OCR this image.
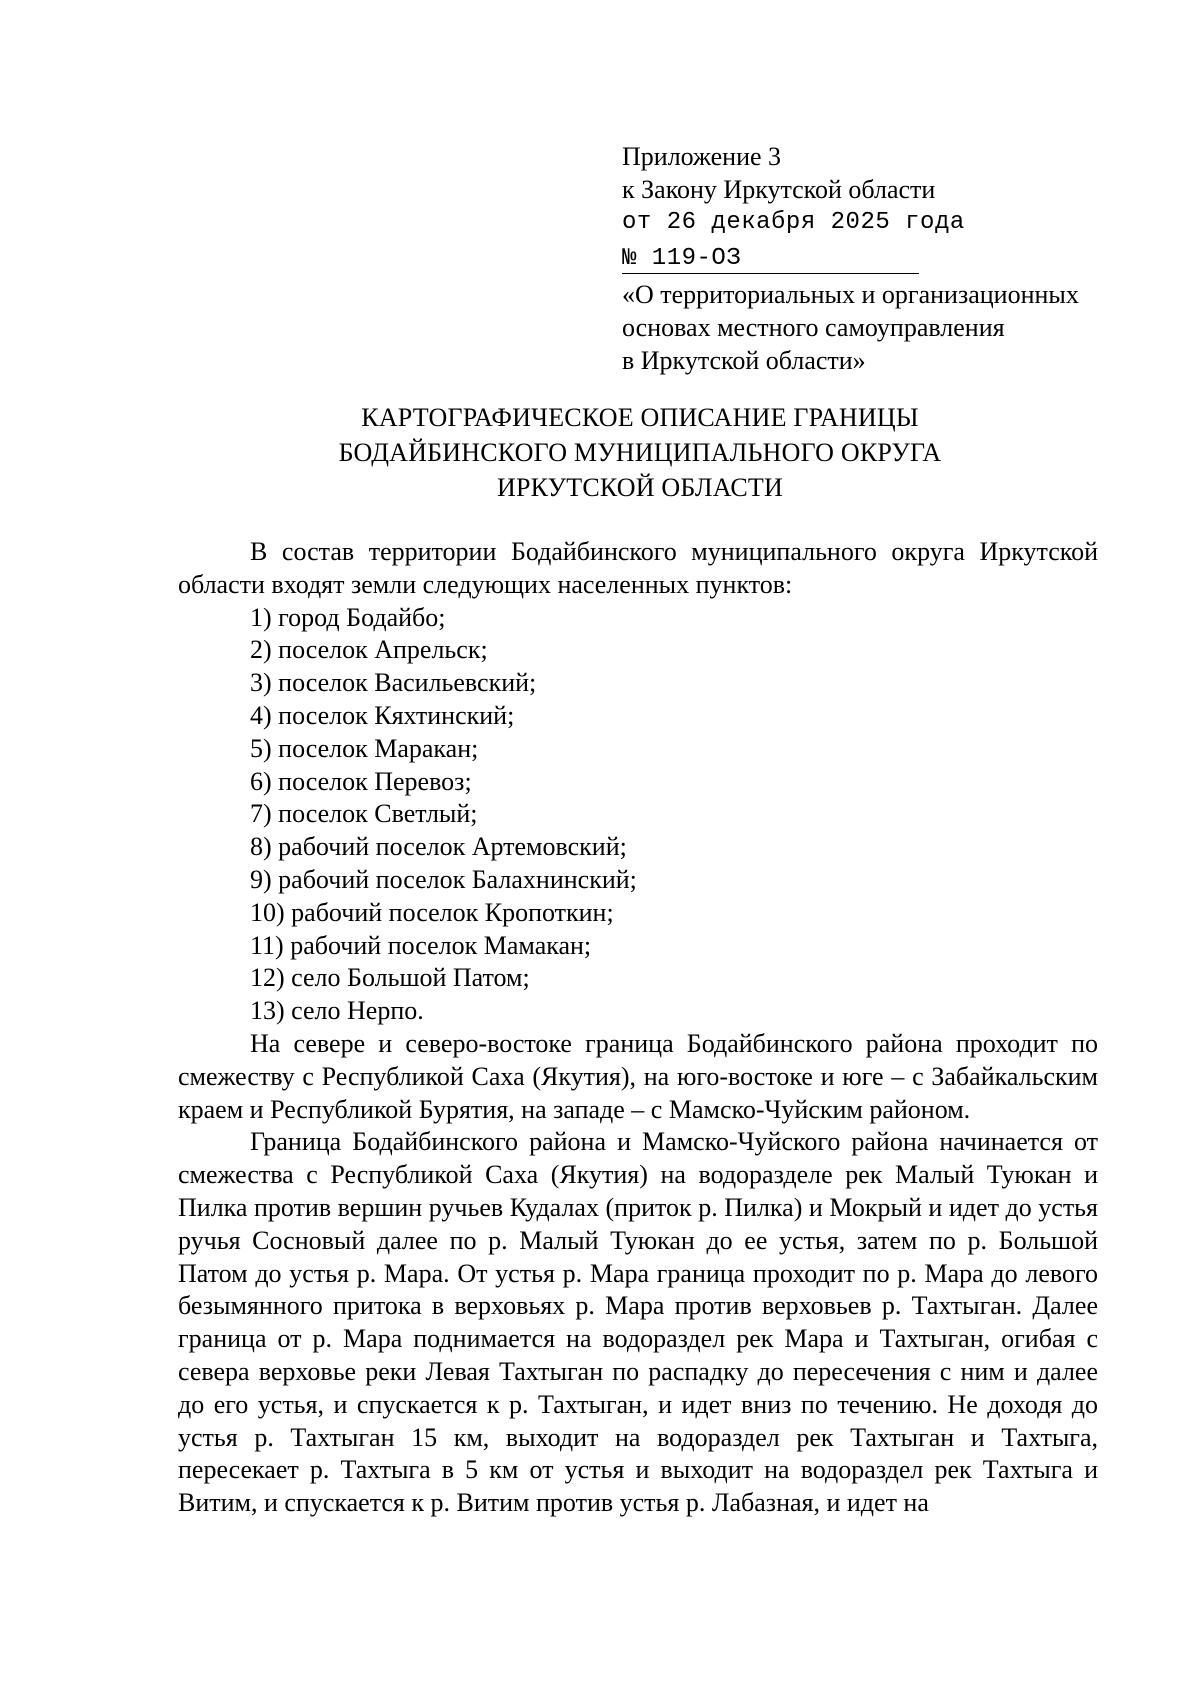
Приложение 3
к Закону Иркутской области
от 26 декабря 2025 года
№ 119-ОЗ
«О территориальных и организационных
основах местного самоуправления
в Иркутской области»
КАРТОГРАФИЧЕСКОЕ ОПИСАНИЕ ГРАНИЦЫ
БОДАЙБИНСКОГО МУНИЦИПАЛЬНОГО ОКРУГА
ИРКУТСКОЙ ОБЛАСТИ

В состав территории Бодайбинского муниципального округа Иркутской области входят земли следующих населенных пунктов:

1) город Бодайбо;
2) поселок Апрельск;
3) поселок Васильевский;
4) поселок Кяхтинский;
5) поселок Маракан;
6) поселок Перевоз;
7) поселок Светлый;
8) рабочий поселок Артемовский;
9) рабочий поселок Балахнинский;
10) рабочий поселок Кропоткин;
11) рабочий поселок Мамакан;
12) село Большой Патом;
13) село Нерпо.

На севере и северо-востоке граница Бодайбинского района проходит по смежеству с Республикой Саха (Якутия), на юго-востоке и юге – с Забайкальским краем и Республикой Бурятия, на западе – с Мамско-Чуйским районом.

Граница Бодайбинского района и Мамско-Чуйского района начинается от смежества с Республикой Саха (Якутия) на водоразделе рек Малый Туюкан и Пилка против вершин ручьев Кудалах (приток р. Пилка) и Мокрый и идет до устья ручья Сосновый далее по р. Малый Туюкан до ее устья, затем по р. Большой Патом до устья р. Мара. От устья р. Мара граница проходит по р. Мара до левого безымянного притока в верховьях р. Мара против верховьев р. Тахтыган. Далее граница от р. Мара поднимается на водораздел рек Мара и Тахтыган, огибая с севера верховье реки Левая Тахтыган по распадку до пересечения с ним и далее до его устья, и спускается к р. Тахтыган, и идет вниз по течению. Не доходя до устья р. Тахтыган 15 км, выходит на водораздел рек Тахтыган и Тахтыга, пересекает р. Тахтыга в 5 км от устья и выходит на водораздел рек Тахтыга и Витим, и спускается к р. Витим против устья р. Лабазная, и идет на
